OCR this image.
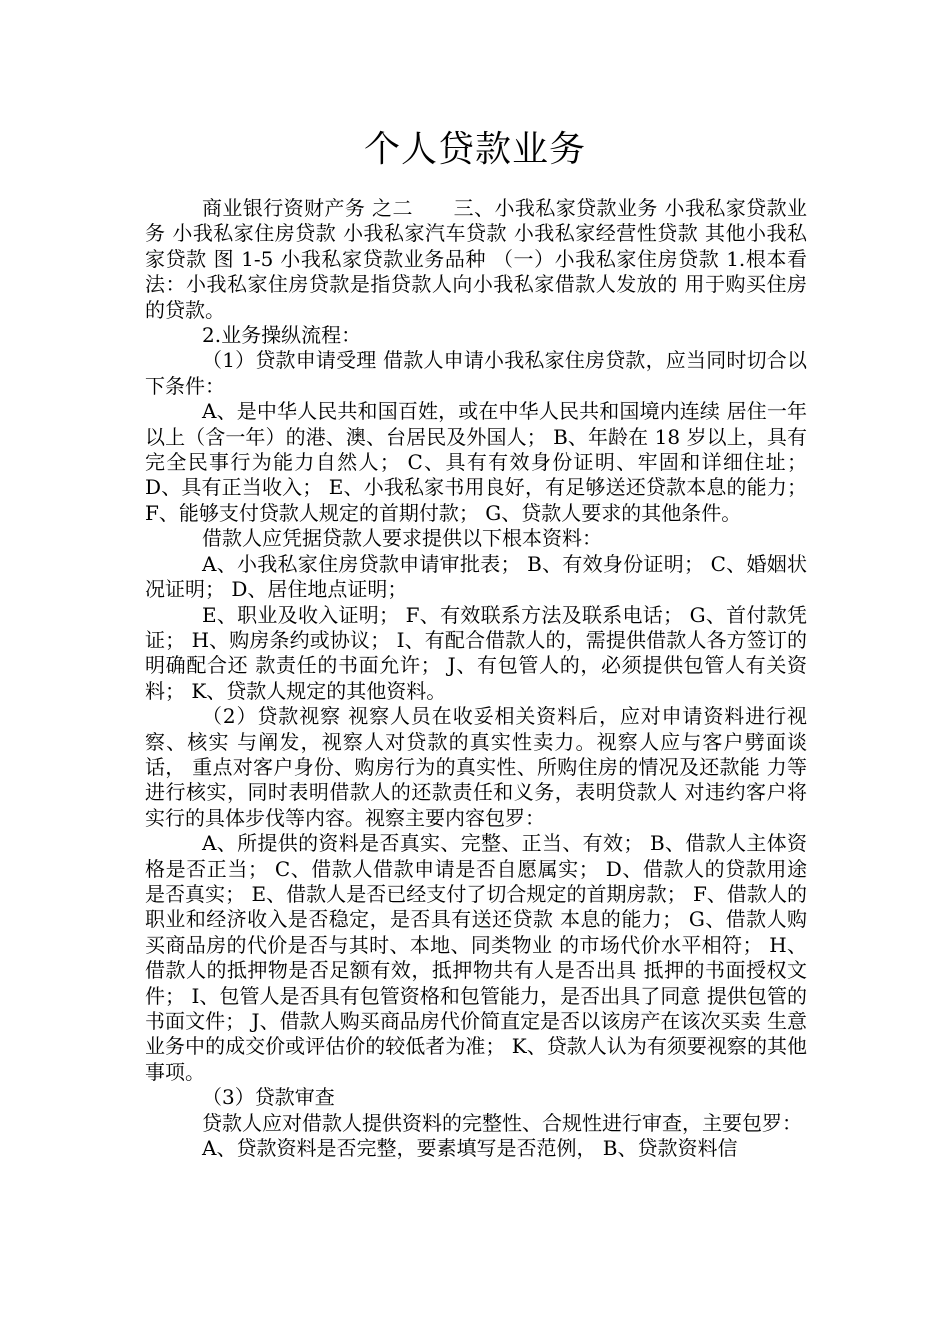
个人贷款业务

商业银行资财产务 之二　　三、小我私家贷款业务 小我私家贷款业务 小我私家住房贷款 小我私家汽车贷款 小我私家经营性贷款 其他小我私家贷款 图 1-5 小我私家贷款业务品种 （一）小我私家住房贷款 1.根本看法：小我私家住房贷款是指贷款人向小我私家借款人发放的 用于购买住房的贷款。

2.业务操纵流程：

（1）贷款申请受理 借款人申请小我私家住房贷款，应当同时切合以下条件：

A、是中华人民共和国百姓，或在中华人民共和国境内连续 居住一年以上（含一年）的港、澳、台居民及外国人； B、年龄在 18 岁以上，具有完全民事行为能力自然人； C、具有有效身份证明、牢固和详细住址； D、具有正当收入； E、小我私家书用良好，有足够送还贷款本息的能力； F、能够支付贷款人规定的首期付款； G、贷款人要求的其他条件。

借款人应凭据贷款人要求提供以下根本资料：

A、小我私家住房贷款申请审批表； B、有效身份证明； C、婚姻状况证明； D、居住地点证明；

E、职业及收入证明； F、有效联系方法及联系电话； G、首付款凭证； H、购房条约或协议； I、有配合借款人的，需提供借款人各方签订的明确配合还 款责任的书面允许； J、有包管人的，必须提供包管人有关资料； K、贷款人规定的其他资料。

（2）贷款视察 视察人员在收妥相关资料后，应对申请资料进行视察、核实 与阐发，视察人对贷款的真实性卖力。视察人应与客户劈面谈话， 重点对客户身份、购房行为的真实性、所购住房的情况及还款能 力等进行核实，同时表明借款人的还款责任和义务，表明贷款人 对违约客户将实行的具体步伐等内容。视察主要内容包罗：

A、所提供的资料是否真实、完整、正当、有效； B、借款人主体资格是否正当； C、借款人借款申请是否自愿属实； D、借款人的贷款用途是否真实； E、借款人是否已经支付了切合规定的首期房款； F、借款人的职业和经济收入是否稳定，是否具有送还贷款 本息的能力； G、借款人购买商品房的代价是否与其时、本地、同类物业 的市场代价水平相符； H、借款人的抵押物是否足额有效，抵押物共有人是否出具 抵押的书面授权文件； I、包管人是否具有包管资格和包管能力，是否出具了同意 提供包管的书面文件； J、借款人购买商品房代价简直定是否以该房产在该次买卖 生意业务中的成交价或评估价的较低者为准； K、贷款人认为有须要视察的其他事项。

（3）贷款审查

贷款人应对借款人提供资料的完整性、合规性进行审查，主要包罗：

A、贷款资料是否完整，要素填写是否范例， B、贷款资料信
